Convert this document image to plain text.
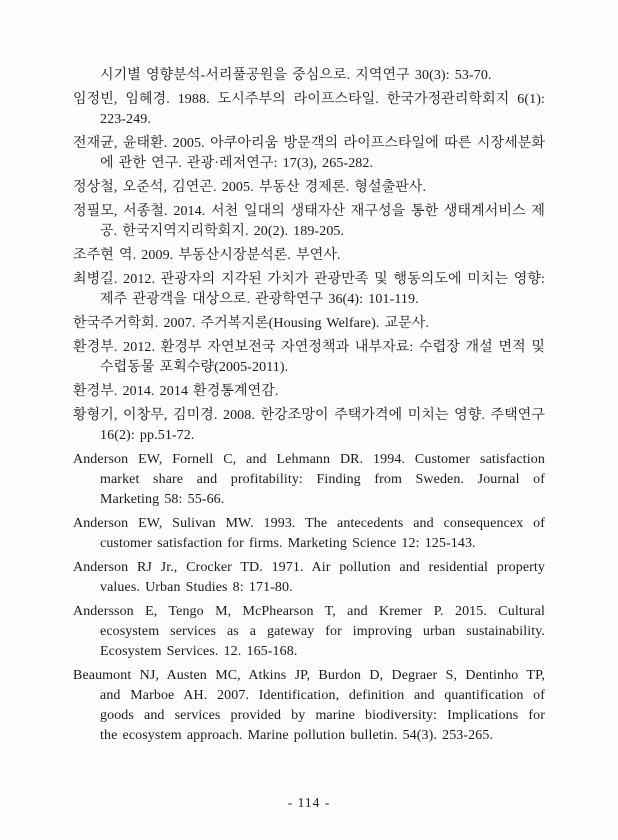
시기별 영향분석-서리풀공원을 중심으로. 지역연구 30(3): 53-70.
임정빈, 임혜경. 1988. 도시주부의 라이프스타일. 한국가정관리학회지 6(1):
223-249.
전재균, 윤태환. 2005. 아쿠아리움 방문객의 라이프스타일에 따른 시장세분화
에 관한 연구. 관광·레저연구: 17(3), 265-282.
정상철, 오준석, 김연곤. 2005. 부동산 경제론. 형설출판사.
정필모, 서종철. 2014. 서천 일대의 생태자산 재구성을 통한 생태계서비스 제
공. 한국지역지리학회지. 20(2). 189-205.
조주현 역. 2009. 부동산시장분석론. 부연사.
최병길. 2012. 관광자의 지각된 가치가 관광만족 및 행동의도에 미치는 영향:
제주 관광객을 대상으로. 관광학연구 36(4): 101-119.
한국주거학회. 2007. 주거복지론(Housing Welfare). 교문사.
환경부. 2012. 환경부 자연보전국 자연정책과 내부자료: 수렵장 개설 면적 및
수렵동물 포획수량(2005-2011).
환경부. 2014. 2014 환경통계연감.
황형기, 이창무, 김미경. 2008. 한강조망이 주택가격에 미치는 영향. 주택연구
16(2): pp.51-72.
Anderson EW, Fornell C, and Lehmann DR. 1994. Customer satisfaction
market share and profitability: Finding from Sweden. Journal of
Marketing 58: 55-66.
Anderson EW, Sulivan MW. 1993. The antecedents and consequencex of
customer satisfaction for firms. Marketing Science 12: 125-143.
Anderson RJ Jr., Crocker TD. 1971. Air pollution and residential property
values. Urban Studies 8: 171-80.
Andersson E, Tengo M, McPhearson T, and Kremer P. 2015. Cultural
ecosystem services as a gateway for improving urban sustainability.
Ecosystem Services. 12. 165-168.
Beaumont NJ, Austen MC, Atkins JP, Burdon D, Degraer S, Dentinho TP,
and Marboe AH. 2007. Identification, definition and quantification of
goods and services provided by marine biodiversity: Implications for
the ecosystem approach. Marine pollution bulletin. 54(3). 253-265.
- 114 -
